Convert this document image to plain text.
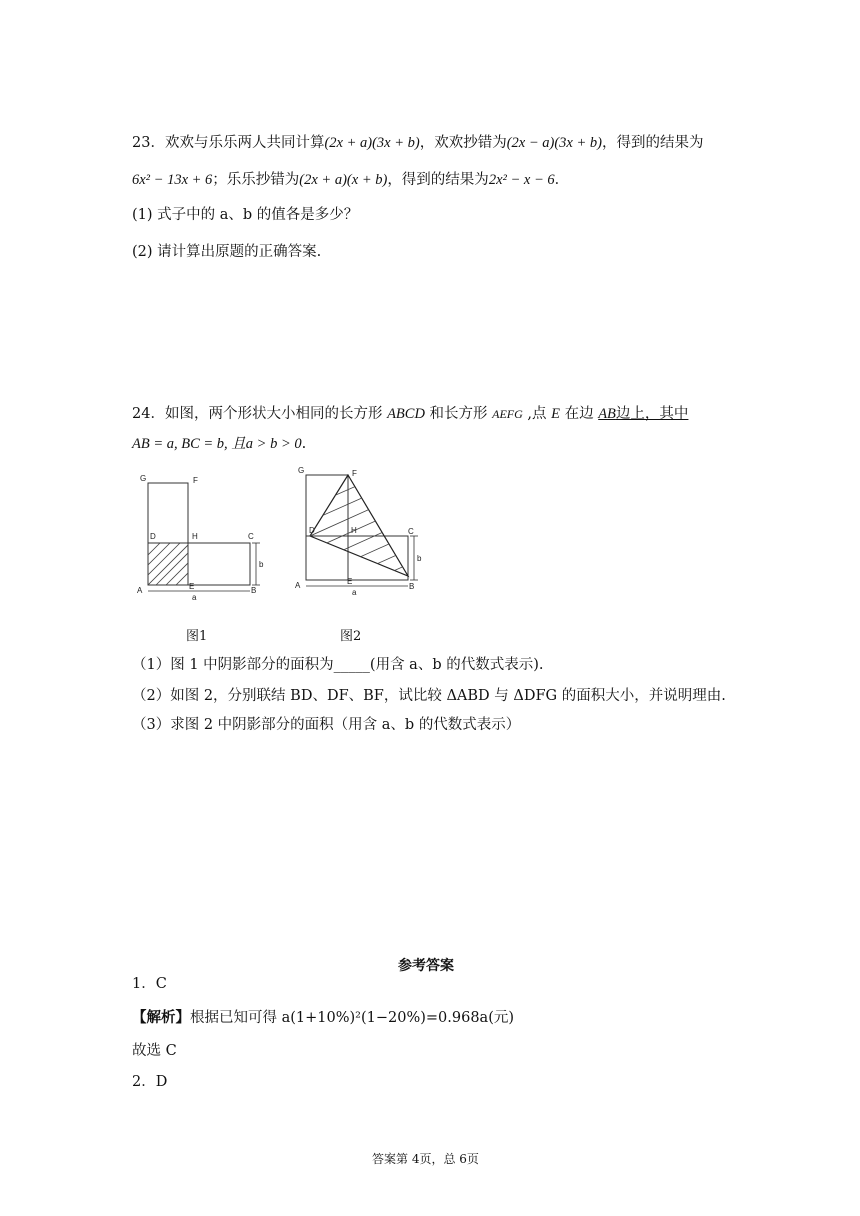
23．欢欢与乐乐两人共同计算(2x + a)(3x + b)，欢欢抄错为(2x − a)(3x + b)，得到的结果为
6x² − 13x + 6；乐乐抄错为(2x + a)(x + b)，得到的结果为2x² − x − 6．
(1) 式子中的 a、b 的值各是多少？
(2) 请计算出原题的正确答案.
24．如图，两个形状大小相同的长方形 ABCD 和长方形 AEFG ,点 E 在边 AB边上，其中
AB = a, BC = b, 且a > b > 0.
G	F
D	H	C
A	E	B
a
b
G	F
D	H	C
A	E
B
a
b
图1	图2
（1）图 1 中阴影部分的面积为_____(用含 a、b 的代数式表示).
（2）如图 2，分别联结 BD、DF、BF，试比较 ΔABD 与 ΔDFG 的面积大小，并说明理由.
（3）求图 2 中阴影部分的面积（用含 a、b 的代数式表示）
参考答案
1．C
【解析】根据已知可得 a(1+10%)²(1−20%)=0.968a(元)
故选 C
2．D
答案第 4页，总 6页
